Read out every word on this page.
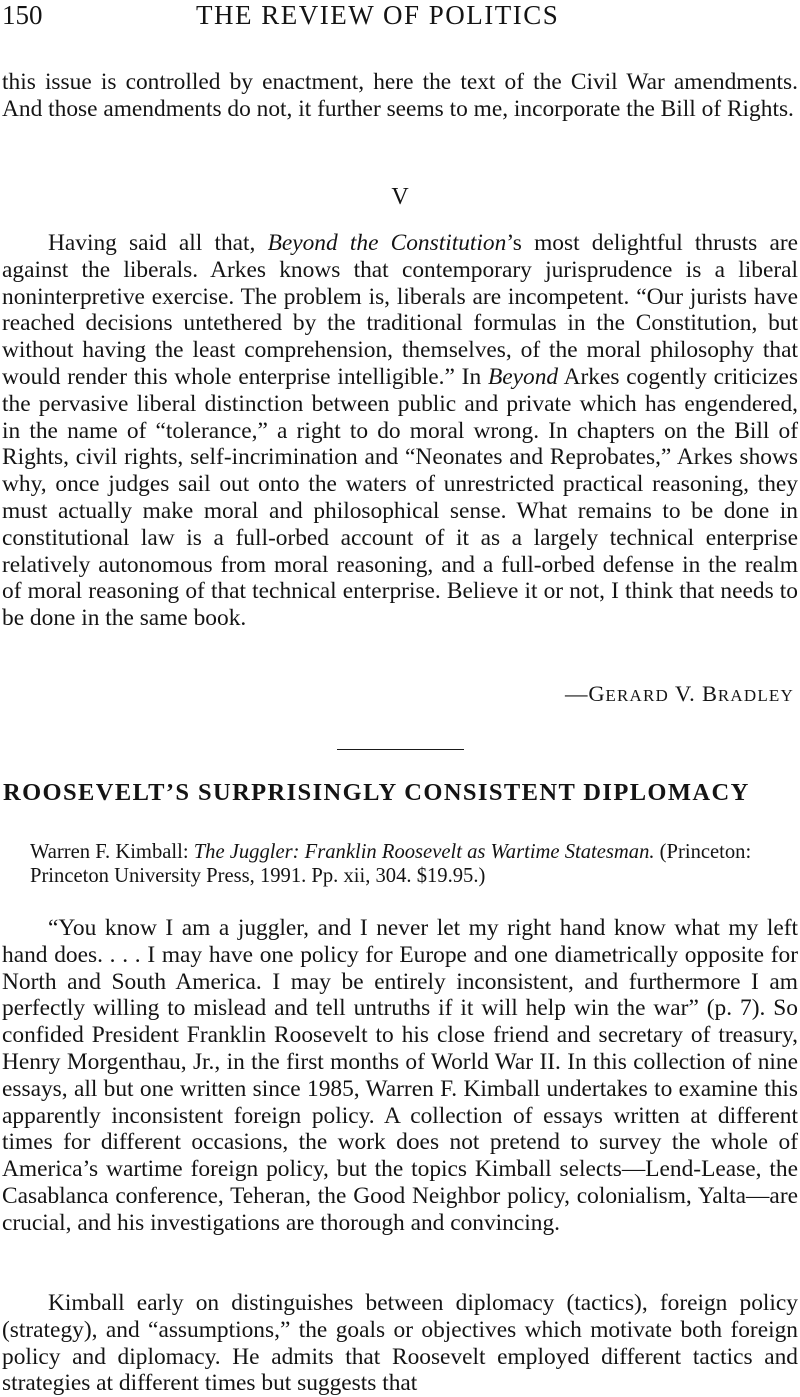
150	THE REVIEW OF POLITICS

this issue is controlled by enactment, here the text of the Civil War amendments. And those amendments do not, it further seems to me, incorporate the Bill of Rights.

V

Having said all that, Beyond the Constitution’s most delightful thrusts are against the liberals. Arkes knows that contemporary jurisprudence is a liberal noninterpretive exercise. The problem is, liberals are incompetent. “Our jurists have reached decisions untethered by the traditional formulas in the Constitution, but without having the least comprehension, themselves, of the moral philosophy that would render this whole enterprise intelligible.” In Beyond Arkes cogently criticizes the pervasive liberal distinction between public and private which has engendered, in the name of “tolerance,” a right to do moral wrong. In chapters on the Bill of Rights, civil rights, self-incrimination and “Neonates and Reprobates,” Arkes shows why, once judges sail out onto the waters of unrestricted practical reasoning, they must actually make moral and philosophical sense. What remains to be done in constitutional law is a full-orbed account of it as a largely technical enterprise relatively autonomous from moral reasoning, and a full-orbed defense in the realm of moral reasoning of that technical enterprise. Believe it or not, I think that needs to be done in the same book.

—GERARD V. BRADLEY
ROOSEVELT’S SURPRISINGLY CONSISTENT DIPLOMACY

Warren F. Kimball: The Juggler: Franklin Roosevelt as Wartime Statesman. (Princeton: Princeton University Press, 1991. Pp. xii, 304. $19.95.)

“You know I am a juggler, and I never let my right hand know what my left hand does. . . . I may have one policy for Europe and one diametrically opposite for North and South America. I may be entirely inconsistent, and furthermore I am perfectly willing to mislead and tell untruths if it will help win the war” (p. 7). So confided President Franklin Roosevelt to his close friend and secretary of treasury, Henry Morgenthau, Jr., in the first months of World War II. In this collection of nine essays, all but one written since 1985, Warren F. Kimball undertakes to examine this apparently inconsistent foreign policy. A collection of essays written at different times for different occasions, the work does not pretend to survey the whole of America’s wartime foreign policy, but the topics Kimball selects—Lend-Lease, the Casablanca conference, Teheran, the Good Neighbor policy, colonialism, Yalta—are crucial, and his investigations are thorough and convincing.

Kimball early on distinguishes between diplomacy (tactics), foreign policy (strategy), and “assumptions,” the goals or objectives which motivate both foreign policy and diplomacy. He admits that Roosevelt employed different tactics and strategies at different times but suggests that
